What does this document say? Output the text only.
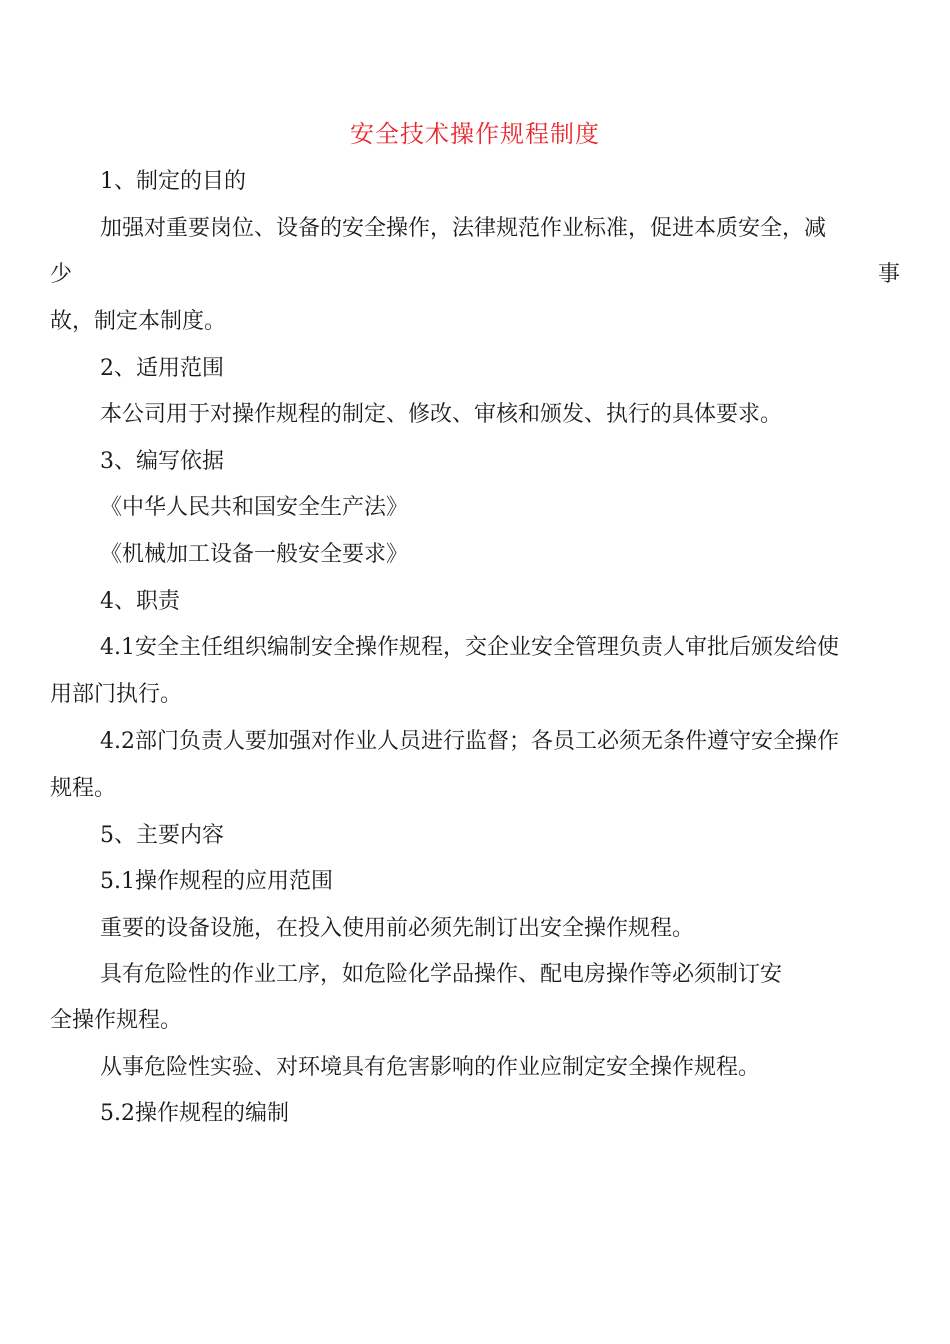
安全技术操作规程制度
1、制定的目的
加强对重要岗位、设备的安全操作，法律规范作业标准，促进本质安全，减
少	事
故，制定本制度。
2、适用范围
本公司用于对操作规程的制定、修改、审核和颁发、执行的具体要求。
3、编写依据
《中华人民共和国安全生产法》
《机械加工设备一般安全要求》
4、职责
4.1安全主任组织编制安全操作规程，交企业安全管理负责人审批后颁发给使
用部门执行。
4.2部门负责人要加强对作业人员进行监督；各员工必须无条件遵守安全操作
规程。
5、主要内容
5.1操作规程的应用范围
重要的设备设施，在投入使用前必须先制订出安全操作规程。
具有危险性的作业工序，如危险化学品操作、配电房操作等必须制订安
全操作规程。
从事危险性实验、对环境具有危害影响的作业应制定安全操作规程。
5.2操作规程的编制
